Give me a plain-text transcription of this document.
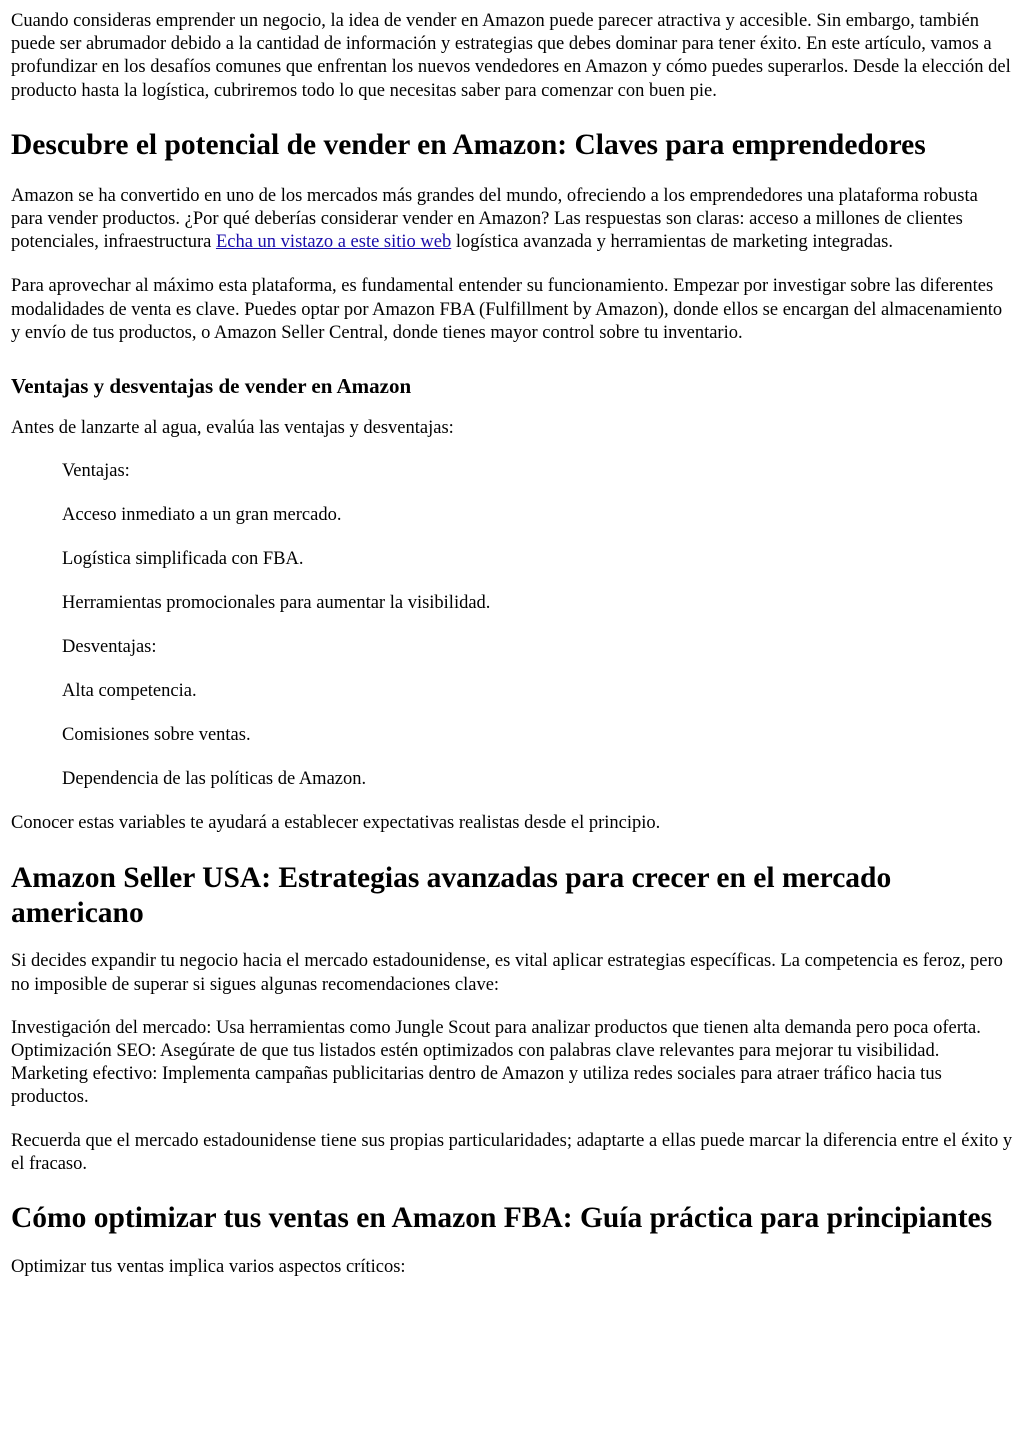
Cuando consideras emprender un negocio, la idea de vender en Amazon puede parecer atractiva y accesible. Sin embargo, también puede ser abrumador debido a la cantidad de información y estrategias que debes dominar para tener éxito. En este artículo, vamos a profundizar en los desafíos comunes que enfrentan los nuevos vendedores en Amazon y cómo puedes superarlos. Desde la elección del producto hasta la logística, cubriremos todo lo que necesitas saber para comenzar con buen pie.

Descubre el potencial de vender en Amazon: Claves para emprendedores

Amazon se ha convertido en uno de los mercados más grandes del mundo, ofreciendo a los emprendedores una plataforma robusta para vender productos. ¿Por qué deberías considerar vender en Amazon? Las respuestas son claras: acceso a millones de clientes potenciales, infraestructura Echa un vistazo a este sitio web logística avanzada y herramientas de marketing integradas.

Para aprovechar al máximo esta plataforma, es fundamental entender su funcionamiento. Empezar por investigar sobre las diferentes modalidades de venta es clave. Puedes optar por Amazon FBA (Fulfillment by Amazon), donde ellos se encargan del almacenamiento y envío de tus productos, o Amazon Seller Central, donde tienes mayor control sobre tu inventario.

Ventajas y desventajas de vender en Amazon

Antes de lanzarte al agua, evalúa las ventajas y desventajas:

Ventajas:

Acceso inmediato a un gran mercado.

Logística simplificada con FBA.

Herramientas promocionales para aumentar la visibilidad.

Desventajas:

Alta competencia.

Comisiones sobre ventas.

Dependencia de las políticas de Amazon.

Conocer estas variables te ayudará a establecer expectativas realistas desde el principio.

Amazon Seller USA: Estrategias avanzadas para crecer en el mercado americano

Si decides expandir tu negocio hacia el mercado estadounidense, es vital aplicar estrategias específicas. La competencia es feroz, pero no imposible de superar si sigues algunas recomendaciones clave:

Investigación del mercado: Usa herramientas como Jungle Scout para analizar productos que tienen alta demanda pero poca oferta. Optimización SEO: Asegúrate de que tus listados estén optimizados con palabras clave relevantes para mejorar tu visibilidad. Marketing efectivo: Implementa campañas publicitarias dentro de Amazon y utiliza redes sociales para atraer tráfico hacia tus productos.

Recuerda que el mercado estadounidense tiene sus propias particularidades; adaptarte a ellas puede marcar la diferencia entre el éxito y el fracaso.

Cómo optimizar tus ventas en Amazon FBA: Guía práctica para principiantes

Optimizar tus ventas implica varios aspectos críticos:
